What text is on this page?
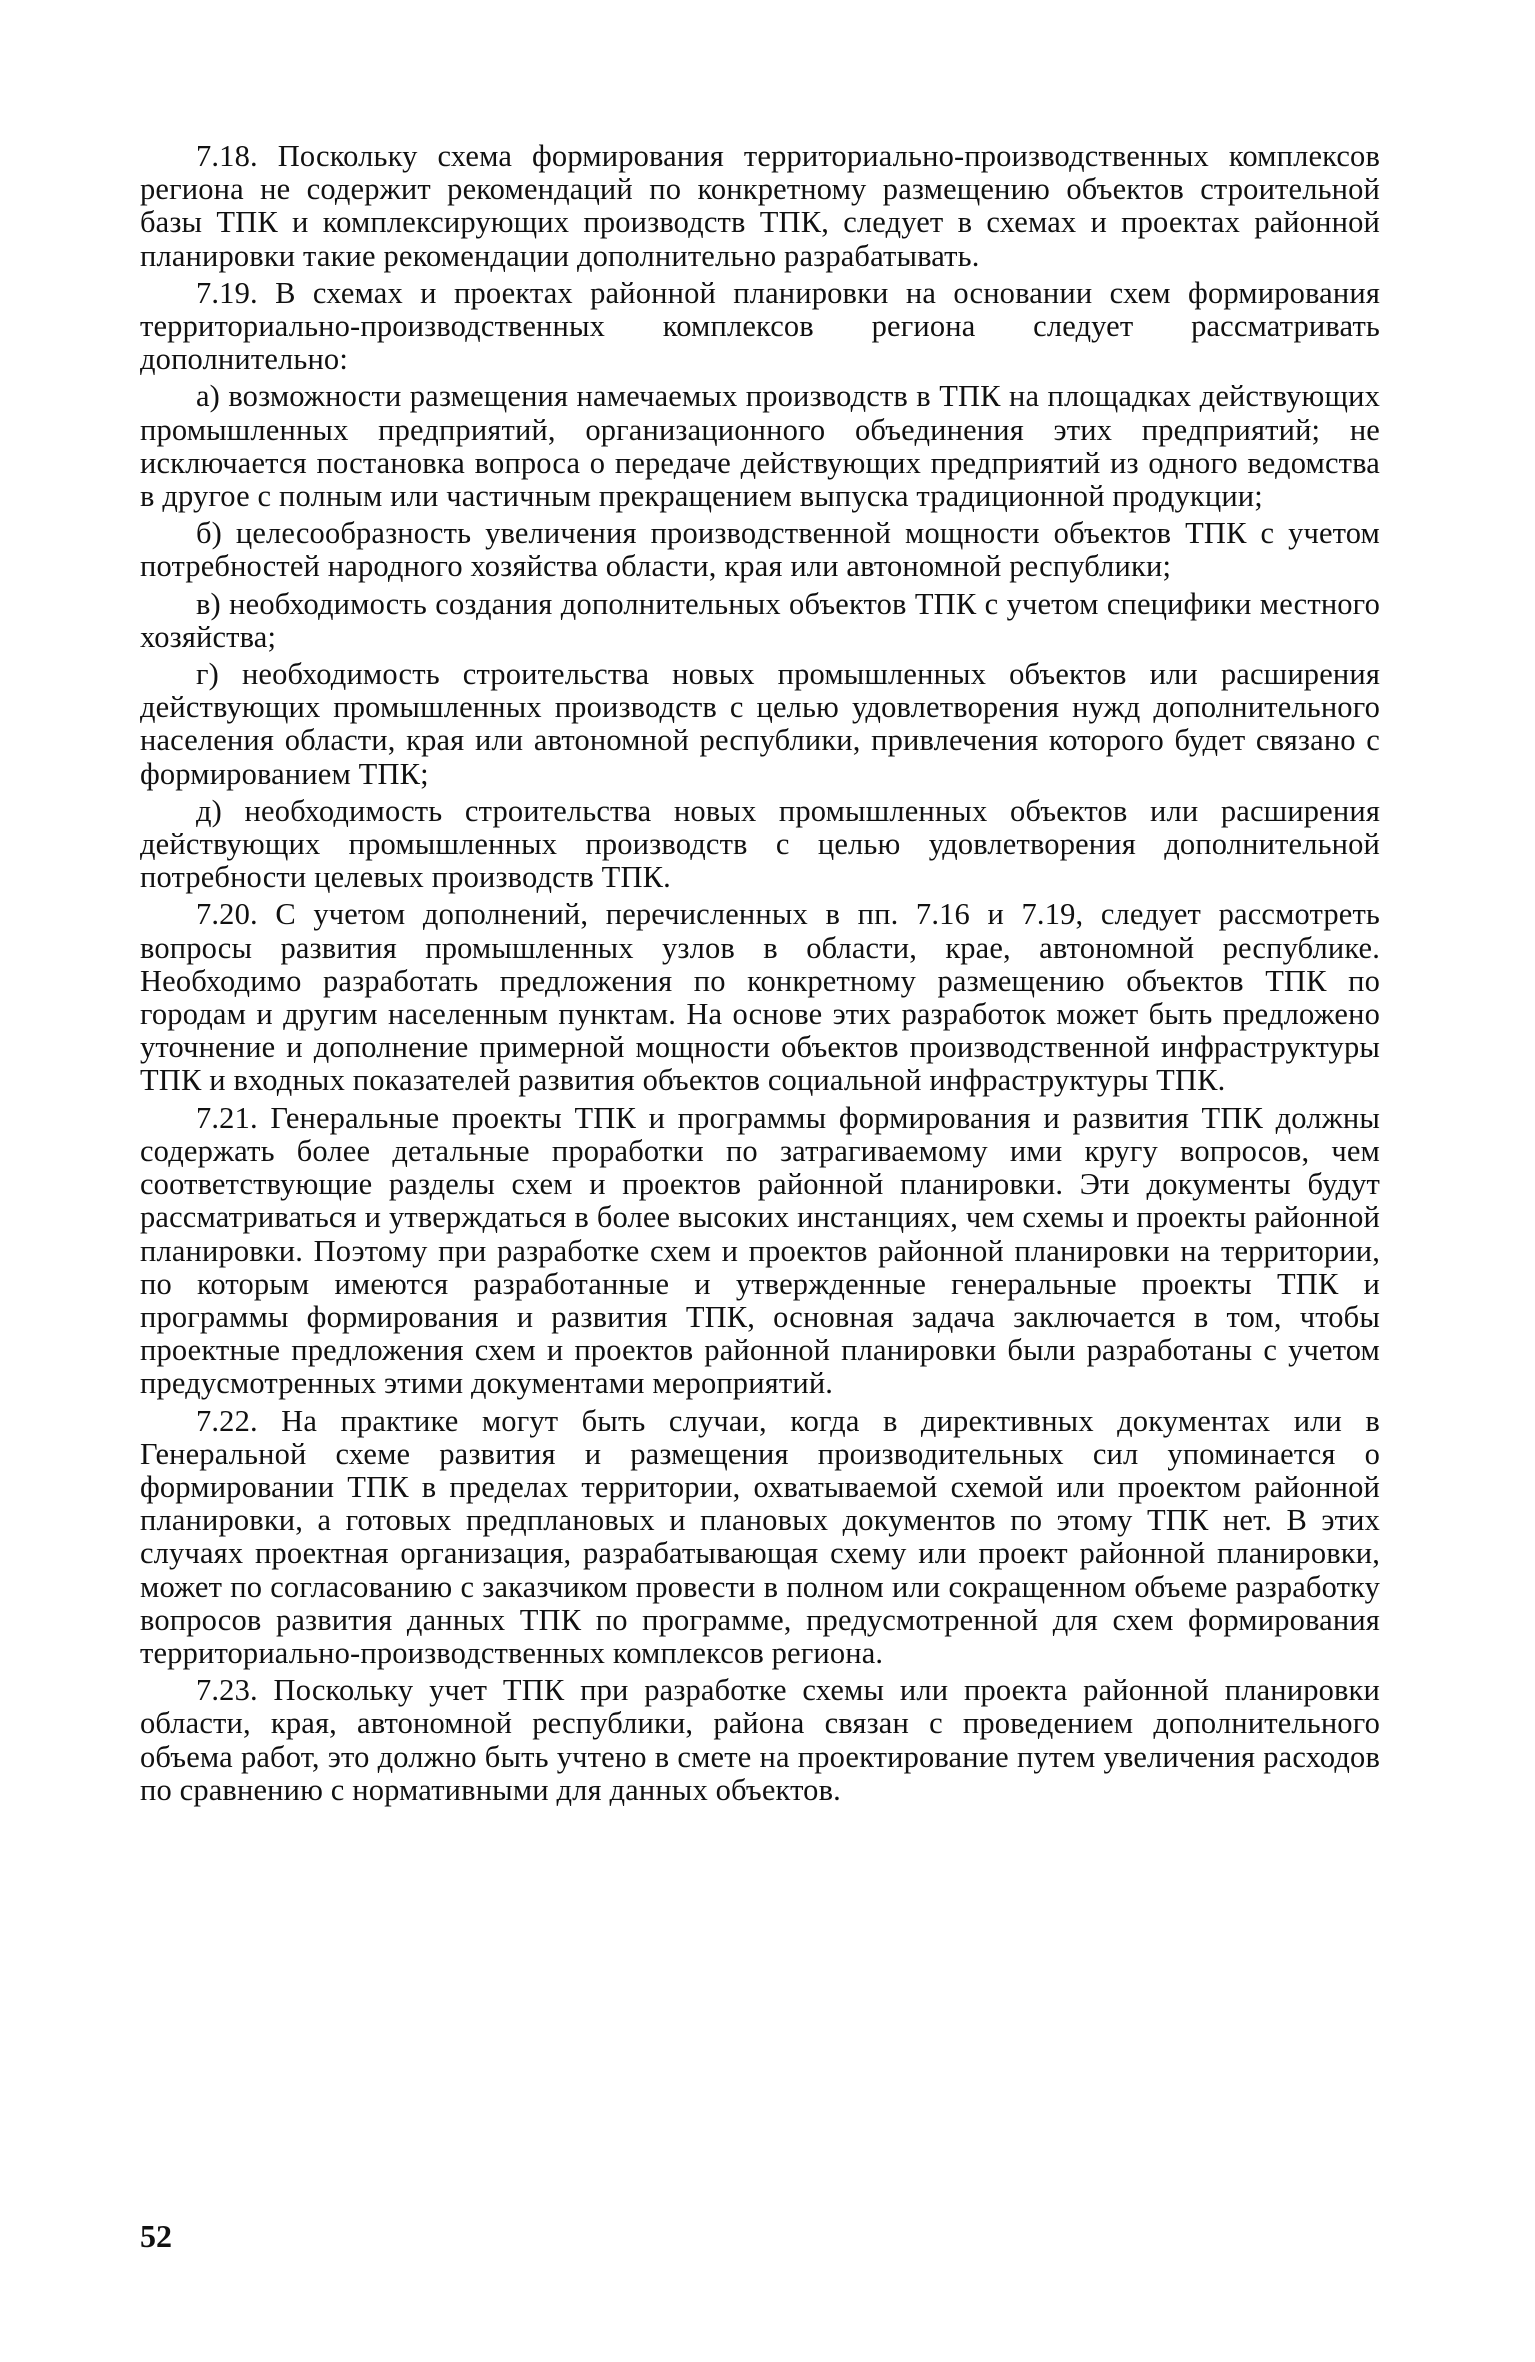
7.18. Поскольку схема формирования территориально-производственных комплексов региона не содержит рекомендаций по конкретному размещению объектов строительной базы ТПК и комплексирующих производств ТПК, следует в схемах и проектах районной планировки такие рекомендации дополнительно разрабатывать.

7.19. В схемах и проектах районной планировки на основании схем формирования территориально-производственных комплексов региона следует рассматривать дополнительно:

а) возможности размещения намечаемых производств в ТПК на площадках действующих промышленных предприятий, организационного объединения этих предприятий; не исключается постановка вопроса о передаче действующих предприятий из одного ведомства в другое с полным или частичным прекращением выпуска традиционной продукции;

б) целесообразность увеличения производственной мощности объектов ТПК с учетом потребностей народного хозяйства области, края или автономной республики;

в) необходимость создания дополнительных объектов ТПК с учетом специфики местного хозяйства;

г) необходимость строительства новых промышленных объектов или расширения действующих промышленных производств с целью удовлетворения нужд дополнительного населения области, края или автономной республики, привлечения которого будет связано с формированием ТПК;

д) необходимость строительства новых промышленных объектов или расширения действующих промышленных производств с целью удовлетворения дополнительной потребности целевых производств ТПК.

7.20. С учетом дополнений, перечисленных в пп. 7.16 и 7.19, следует рассмотреть вопросы развития промышленных узлов в области, крае, автономной республике. Необходимо разработать предложения по конкретному размещению объектов ТПК по городам и другим населенным пунктам. На основе этих разработок может быть предложено уточнение и дополнение примерной мощности объектов производственной инфраструктуры ТПК и входных показателей развития объектов социальной инфраструктуры ТПК.

7.21. Генеральные проекты ТПК и программы формирования и развития ТПК должны содержать более детальные проработки по затрагиваемому ими кругу вопросов, чем соответствующие разделы схем и проектов районной планировки. Эти документы будут рассматриваться и утверждаться в более высоких инстанциях, чем схемы и проекты районной планировки. Поэтому при разработке схем и проектов районной планировки на территории, по которым имеются разработанные и утвержденные генеральные проекты ТПК и программы формирования и развития ТПК, основная задача заключается в том, чтобы проектные предложения схем и проектов районной планировки были разработаны с учетом предусмотренных этими документами мероприятий.

7.22. На практике могут быть случаи, когда в директивных документах или в Генеральной схеме развития и размещения производительных сил упоминается о формировании ТПК в пределах территории, охватываемой схемой или проектом районной планировки, а готовых предплановых и плановых документов по этому ТПК нет. В этих случаях проектная организация, разрабатывающая схему или проект районной планировки, может по согласованию с заказчиком провести в полном или сокращенном объеме разработку вопросов развития данных ТПК по программе, предусмотренной для схем формирования территориально-производственных комплексов региона.

7.23. Поскольку учет ТПК при разработке схемы или проекта районной планировки области, края, автономной республики, района связан с проведением дополнительного объема работ, это должно быть учтено в смете на проектирование путем увеличения расходов по сравнению с нормативными для данных объектов.

52
